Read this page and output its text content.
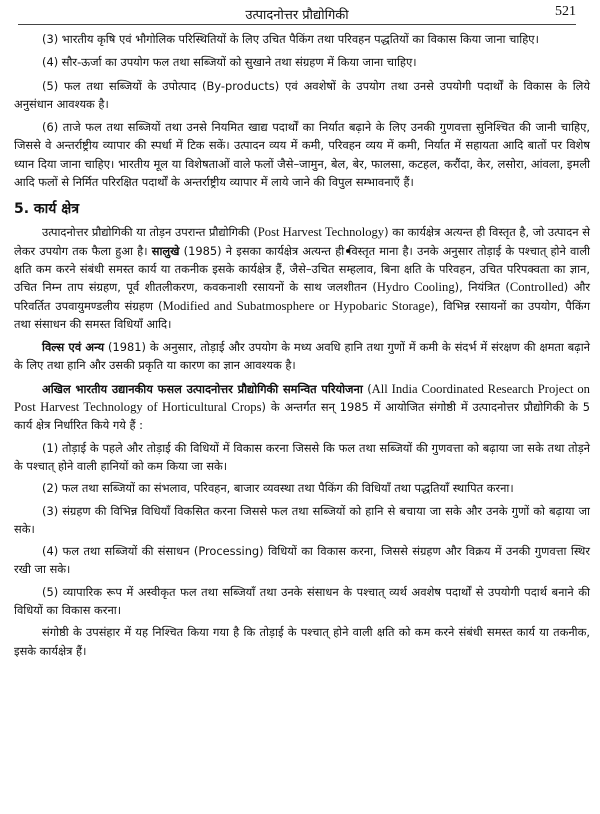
उत्पादनोत्तर प्रौद्योगिकी	521

(3) भारतीय कृषि एवं भौगोलिक परिस्थितियों के लिए उचित पैकिंग तथा परिवहन पद्धतियों का विकास किया जाना चाहिए।

(4) सौर-ऊर्जा का उपयोग फल तथा सब्जियों को सुखाने तथा संग्रहण में किया जाना चाहिए।

(5) फल तथा सब्जियों के उपोत्पाद (By-products) एवं अवशेषों के उपयोग तथा उनसे उपयोगी पदार्थों के विकास के लिये अनुसंधान आवश्यक है।

(6) ताजे फल तथा सब्जियों तथा उनसे नियमित खाद्य पदार्थों का निर्यात बढ़ाने के लिए उनकी गुणवत्ता सुनिश्चित की जानी चाहिए, जिससे वे अन्तर्राष्ट्रीय व्यापार की स्पर्धा में टिक सकें। उत्पादन व्यय में कमी, परिवहन व्यय में कमी, निर्यात में सहायता आदि बातों पर विशेष ध्यान दिया जाना चाहिए। भारतीय मूल या विशेषताओं वाले फलों जैसे–जामुन, बेल, बेर, फालसा, कटहल, करौंदा, केर, लसोरा, आंवला, इमली आदि फलों से निर्मित परिरक्षित पदार्थों के अन्तर्राष्ट्रीय व्यापार में लाये जाने की विपुल सम्भावनाएँ हैं।

5. कार्य क्षेत्र

उत्पादनोत्तर प्रौद्योगिकी या तोड़न उपरान्त प्रौद्योगिकी (Post Harvest Technology) का कार्यक्षेत्र अत्यन्त ही विस्तृत है, जो उत्पादन से लेकर उपयोग तक फैला हुआ है। सालुखे (1985) ने इसका कार्यक्षेत्र अत्यन्त ही विस्तृत माना है। उनके अनुसार तोड़ाई के पश्चात् होने वाली क्षति कम करने संबंधी समस्त कार्य या तकनीक इसके कार्यक्षेत्र हैं, जैसे–उचित सम्हलाव, बिना क्षति के परिवहन, उचित परिपक्वता का ज्ञान, उचित निम्न ताप संग्रहण, पूर्व शीतलीकरण, कवकनाशी रसायनों के साथ जलशीतन (Hydro Cooling), नियंत्रित (Controlled) और परिवर्तित उपवायुमण्डलीय संग्रहण (Modified and Subatmosphere or Hypobaric Storage), विभिन्न रसायनों का उपयोग, पैकिंग तथा संसाधन की समस्त विधियाँ आदि।

विल्स एवं अन्य (1981) के अनुसार, तोड़ाई और उपयोग के मध्य अवधि हानि तथा गुणों में कमी के संदर्भ में संरक्षण की क्षमता बढ़ाने के लिए तथा हानि और उसकी प्रकृति या कारण का ज्ञान आवश्यक है।

अखिल भारतीय उद्यानकीय फसल उत्पादनोत्तर प्रौद्योगिकी समन्वित परियोजना (All India Coordinated Research Project on Post Harvest Technology of Horticultural Crops) के अन्तर्गत सन् 1985 में आयोजित संगोष्ठी में उत्पादनोत्तर प्रौद्योगिकी के 5 कार्य क्षेत्र निर्धारित किये गये हैं :

(1) तोड़ाई के पहले और तोड़ाई की विधियों में विकास करना जिससे कि फल तथा सब्जियों की गुणवत्ता को बढ़ाया जा सके तथा तोड़ने के पश्चात् होने वाली हानियों को कम किया जा सके।

(2) फल तथा सब्जियों का संभलाव, परिवहन, बाजार व्यवस्था तथा पैकिंग की विधियाँ तथा पद्धतियाँ स्थापित करना।

(3) संग्रहण की विभिन्न विधियाँ विकसित करना जिससे फल तथा सब्जियों को हानि से बचाया जा सके और उनके गुणों को बढ़ाया जा सके।

(4) फल तथा सब्जियों की संसाधन (Processing) विधियों का विकास करना, जिससे संग्रहण और विक्रय में उनकी गुणवत्ता स्थिर रखी जा सके।

(5) व्यापारिक रूप में अस्वीकृत फल तथा सब्जियाँ तथा उनके संसाधन के पश्चात् व्यर्थ अवशेष पदार्थों से उपयोगी पदार्थ बनाने की विधियों का विकास करना।

संगोष्ठी के उपसंहार में यह निश्चित किया गया है कि तोड़ाई के पश्चात् होने वाली क्षति को कम करने संबंधी समस्त कार्य या तकनीक, इसके कार्यक्षेत्र हैं।
